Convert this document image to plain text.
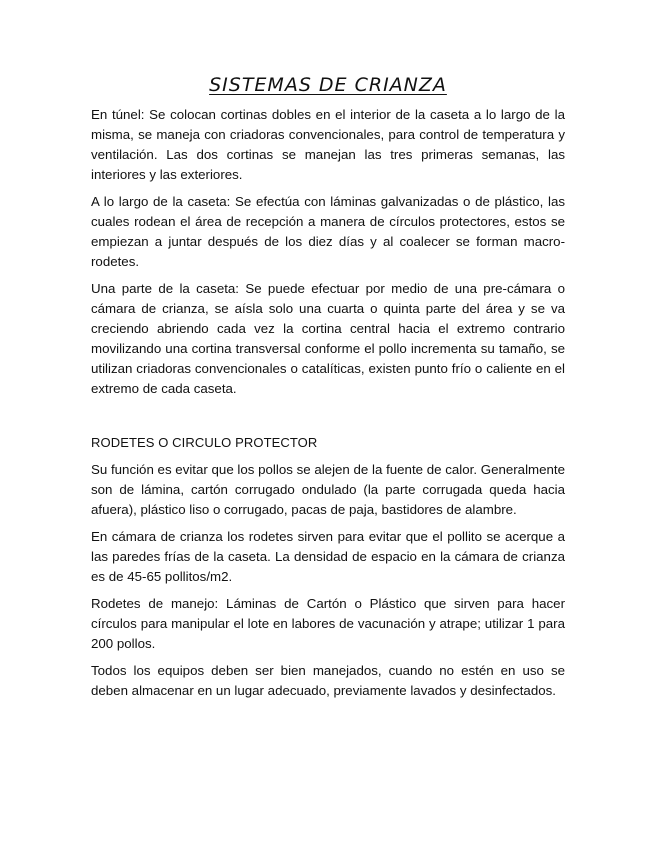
SISTEMAS DE CRIANZA

En túnel: Se colocan cortinas dobles en el interior de la caseta a lo largo de la misma, se maneja con criadoras convencionales, para control de temperatura y ventilación. Las dos cortinas se manejan las tres primeras semanas, las interiores y las exteriores.

A lo largo de la caseta: Se efectúa con láminas galvanizadas o de plástico, las cuales rodean el área de recepción a manera de círculos protectores, estos se empiezan a juntar después de los diez días y al coalecer se forman macro-rodetes.

Una parte de la caseta: Se puede efectuar por medio de una pre-cámara o cámara de crianza, se aísla solo una cuarta o quinta parte del área y se va creciendo abriendo cada vez la cortina central hacia el extremo contrario movilizando una cortina transversal conforme el pollo incrementa su tamaño, se utilizan criadoras convencionales o catalíticas, existen punto frío o caliente en el extremo de cada caseta.

RODETES O CIRCULO PROTECTOR

Su función es evitar que los pollos se alejen de la fuente de calor. Generalmente son de lámina, cartón corrugado ondulado (la parte corrugada queda hacia afuera), plástico liso o corrugado, pacas de paja, bastidores de alambre.

En cámara de crianza los rodetes sirven para evitar que el pollito se acerque a las paredes frías de la caseta. La densidad de espacio en la cámara de crianza es de 45-65 pollitos/m2.

Rodetes de manejo: Láminas de Cartón o Plástico que sirven para hacer círculos para manipular el lote en labores de vacunación y atrape; utilizar 1 para 200 pollos.

Todos los equipos deben ser bien manejados, cuando no estén en uso se deben almacenar en un lugar adecuado, previamente lavados y desinfectados.
